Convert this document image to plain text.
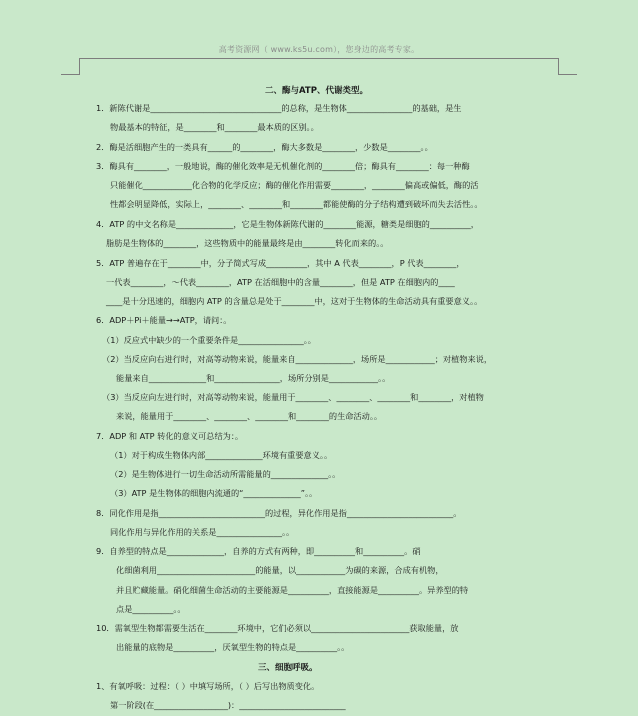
高考资源网（ www.ks5u.com），您身边的高考专家。
二、酶与ATP、代谢类型。
1．新陈代谢是________________________________的总称，是生物体________________的基础，是生
物最基本的特征，是________和________最本质的区别。。
2．酶是活细胞产生的一类具有______的________，酶大多数是________，少数是________。。
3．酶具有________，一般地说，酶的催化效率是无机催化剂的________倍；酶具有________：每一种酶
只能催化____________化合物的化学反应；酶的催化作用需要________，________偏高或偏低，酶的活
性都会明显降低，实际上，________、________和________都能使酶的分子结构遭到破坏而失去活性。。
4．ATP 的中文名称是______________，它是生物体新陈代谢的________能源，糖类是细胞的__________，
脂肪是生物体的________，这些物质中的能量最终是由________转化而来的。。
5．ATP 普遍存在于________中，分子简式写成__________，其中 A 代表________，P 代表________，
一代表________，～代表________，ATP 在活细胞中的含量________，但是 ATP 在细胞内的____
____是十分迅速的，细胞内 ATP 的含量总是处于________中，这对于生物体的生命活动具有重要意义。。
6．ADP＋Pi＋能量→→ATP，请问：。
（1）反应式中缺少的一个重要条件是________________。。
（2）当反应向右进行时，对高等动物来说，能量来自______________，场所是____________；对植物来说，
能量来自______________和________________，场所分别是____________。。
（3）当反应向左进行时，对高等动物来说，能量用于________、________、________和________，对植物
来说，能量用于________、________、________和________的生命活动。。
7．ADP 和 ATP 转化的意义可总结为：。
（1）对于构成生物体内部______________环境有重要意义。。
（2）是生物体进行一切生命活动所需能量的______________。。
（3）ATP 是生物体的细胞内流通的“______________”。。
8．同化作用是指__________________________的过程，异化作用是指__________________________。
同化作用与异化作用的关系是________________。。
9．自养型的特点是______________，自养的方式有两种，即__________和__________。硝
化细菌利用________________________的能量，以____________为碳的来源，合成有机物，
并且贮藏能量。硝化细菌生命活动的主要能源是__________，直接能源是__________。异养型的特
点是__________。。
10．需氧型生物都需要生活在________环境中，它们必须以________________________获取能量，放
出能量的底物是__________，厌氧型生物的特点是__________。。
三、细胞呼吸。
1、有氧呼吸：过程：（ ）中填写场所，（ ）后写出物质变化。
第一阶段(在__________________)：__________________________
